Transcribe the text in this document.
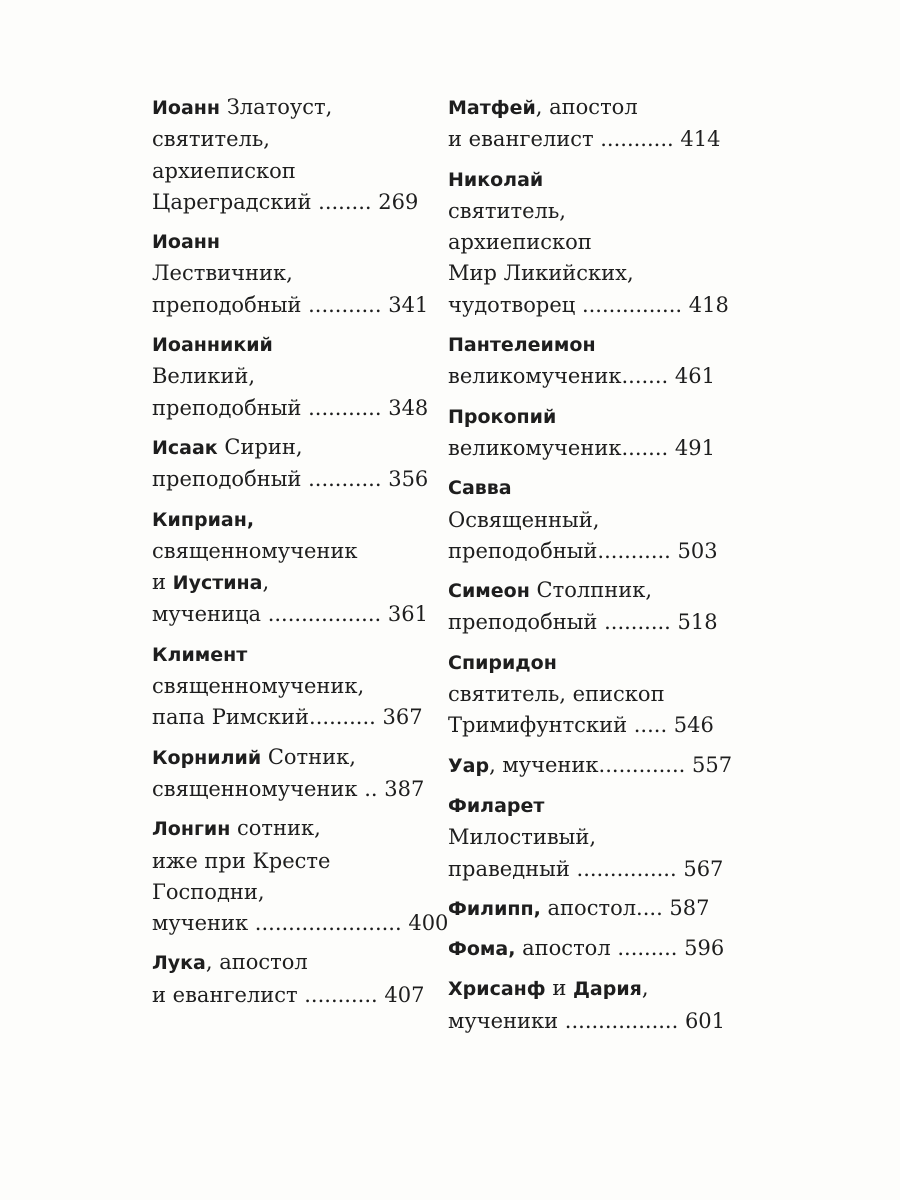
Иоанн Златоуст,
святитель,
архиепископ
Цареградский ........ 269
Иоанн
Лествичник,
преподобный ........... 341
Иоанникий
Великий,
преподобный ........... 348
Исаак Сирин,
преподобный ........... 356
Киприан,
священномученик
и Иустина,
мученица ................. 361
Климент
священномученик,
папа Римский.......... 367
Корнилий Сотник,
священномученик .. 387
Лонгин сотник,
иже при Кресте
Господни,
мученик ...................... 400
Лука, апостол
и евангелист ........... 407
Матфей, апостол
и евангелист ........... 414
Николай
святитель,
архиепископ
Мир Ликийских,
чудотворец ............... 418
Пантелеимон
великомученик....... 461
Прокопий
великомученик....... 491
Савва
Освященный,
преподобный........... 503
Симеон Столпник,
преподобный .......... 518
Спиридон
святитель, епископ
Тримифунтский ..... 546
Уар, мученик............. 557
Филарет
Милостивый,
праведный ............... 567
Филипп, апостол.... 587
Фома, апостол ......... 596
Хрисанф и Дария,
мученики ................. 601
